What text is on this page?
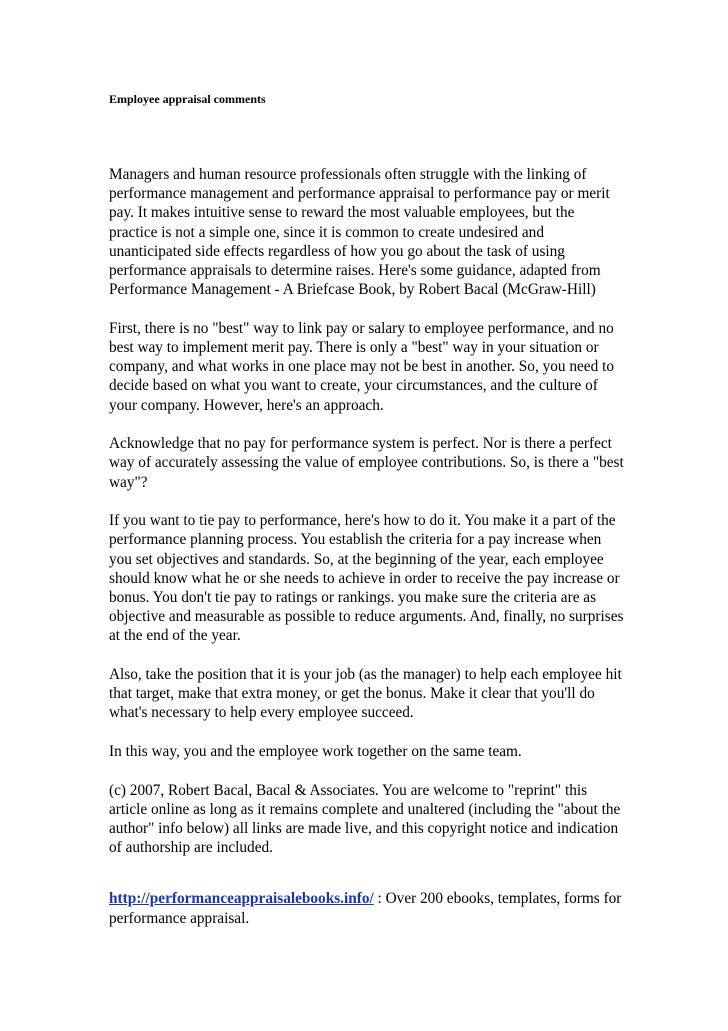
Employee appraisal comments

Managers and human resource professionals often struggle with the linking of performance management and performance appraisal to performance pay or merit pay. It makes intuitive sense to reward the most valuable employees, but the practice is not a simple one, since it is common to create undesired and unanticipated side effects regardless of how you go about the task of using performance appraisals to determine raises. Here's some guidance, adapted from Performance Management - A Briefcase Book, by Robert Bacal (McGraw-Hill)

First, there is no "best" way to link pay or salary to employee performance, and no best way to implement merit pay. There is only a "best" way in your situation or company, and what works in one place may not be best in another. So, you need to decide based on what you want to create, your circumstances, and the culture of your company. However, here's an approach.

Acknowledge that no pay for performance system is perfect. Nor is there a perfect way of accurately assessing the value of employee contributions. So, is there a "best way"?

If you want to tie pay to performance, here's how to do it. You make it a part of the performance planning process. You establish the criteria for a pay increase when you set objectives and standards. So, at the beginning of the year, each employee should know what he or she needs to achieve in order to receive the pay increase or bonus. You don't tie pay to ratings or rankings. you make sure the criteria are as objective and measurable as possible to reduce arguments. And, finally, no surprises at the end of the year.

Also, take the position that it is your job (as the manager) to help each employee hit that target, make that extra money, or get the bonus. Make it clear that you'll do what's necessary to help every employee succeed.

In this way, you and the employee work together on the same team.

(c) 2007, Robert Bacal, Bacal & Associates. You are welcome to "reprint" this article online as long as it remains complete and unaltered (including the "about the author" info below) all links are made live, and this copyright notice and indication of authorship are included.

http://performanceappraisalebooks.info/ : Over 200 ebooks, templates, forms for performance appraisal.
